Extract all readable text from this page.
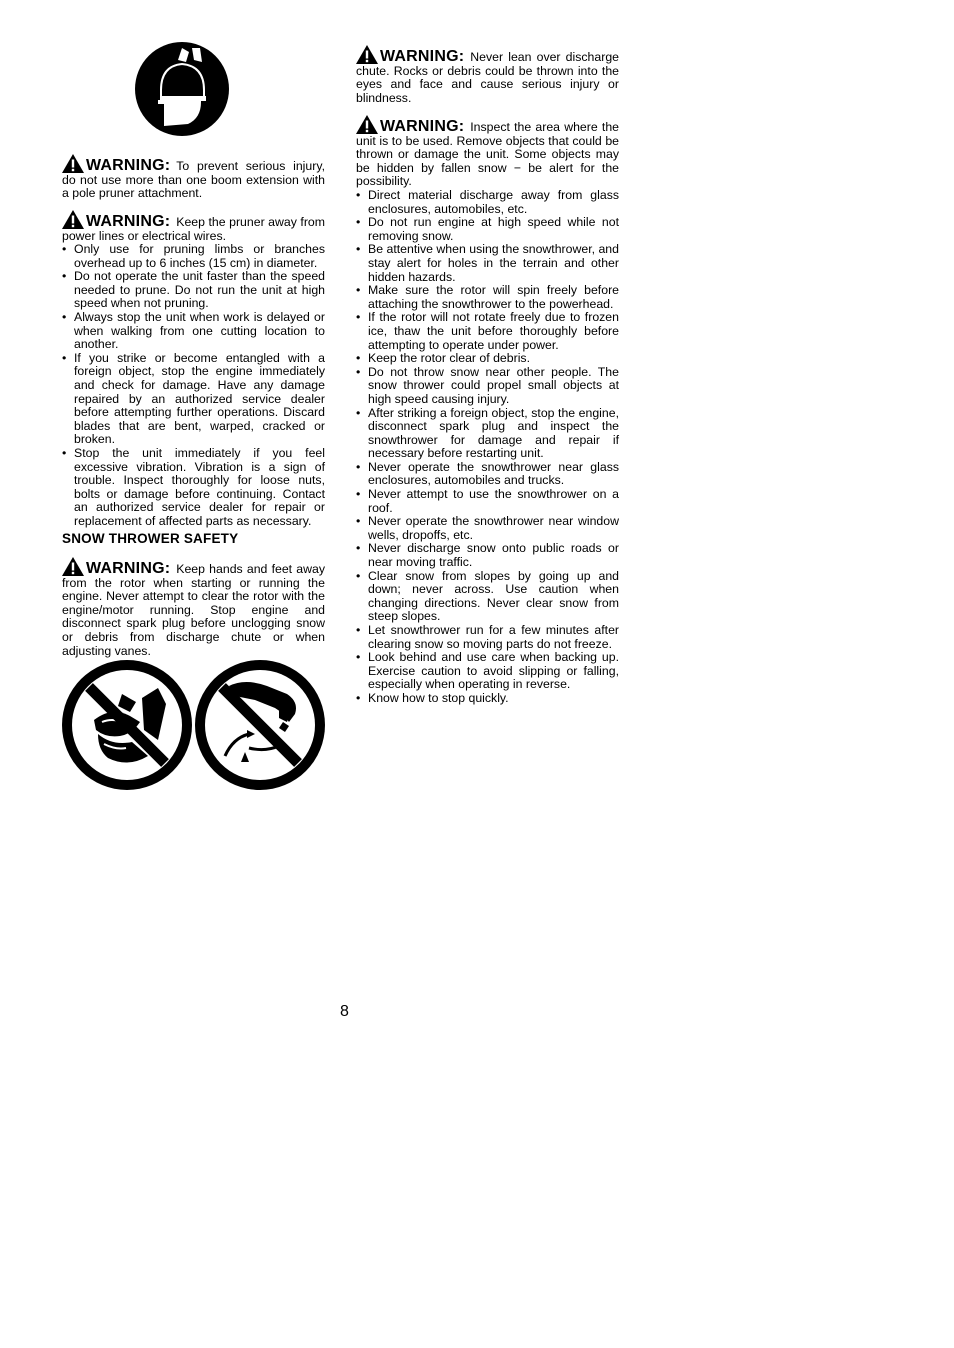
WARNING: To prevent serious injury, do not use more than one boom extension with a pole pruner attachment.

WARNING: Keep the pruner away from power lines or electrical wires.

• Only use for pruning limbs or branches overhead up to 6 inches (15 cm) in diameter.
• Do not operate the unit faster than the speed needed to prune. Do not run the unit at high speed when not pruning.
• Always stop the unit when work is delayed or when walking from one cutting location to another.
• If you strike or become entangled with a foreign object, stop the engine immediately and check for damage. Have any damage repaired by an authorized service dealer before attempting further operations. Discard blades that are bent, warped, cracked or broken.
• Stop the unit immediately if you feel excessive vibration. Vibration is a sign of trouble. Inspect thoroughly for loose nuts, bolts or damage before continuing. Contact an authorized service dealer for repair or replacement of affected parts as necessary.
SNOW THROWER SAFETY

WARNING: Keep hands and feet away from the rotor when starting or running the engine. Never attempt to clear the rotor with the engine/motor running. Stop engine and disconnect spark plug before unclogging snow or debris from discharge chute or when adjusting vanes.

WARNING: Never lean over discharge chute. Rocks or debris could be thrown into the eyes and face and cause serious injury or blindness.

WARNING: Inspect the area where the unit is to be used. Remove objects that could be thrown or damage the unit. Some objects may be hidden by fallen snow − be alert for the possibility.

• Direct material discharge away from glass enclosures, automobiles, etc.
• Do not run engine at high speed while not removing snow.
• Be attentive when using the snowthrower, and stay alert for holes in the terrain and other hidden hazards.
• Make sure the rotor will spin freely before attaching the snowthrower to the powerhead.
• If the rotor will not rotate freely due to frozen ice, thaw the unit before thoroughly before attempting to operate under power.
• Keep the rotor clear of debris.
• Do not throw snow near other people. The snow thrower could propel small objects at high speed causing injury.
• After striking a foreign object, stop the engine, disconnect spark plug and inspect the snowthrower for damage and repair if necessary before restarting unit.
• Never operate the snowthrower near glass enclosures, automobiles and trucks.
• Never attempt to use the snowthrower on a roof.
• Never operate the snowthrower near window wells, dropoffs, etc.
• Never discharge snow onto public roads or near moving traffic.
• Clear snow from slopes by going up and down; never across. Use caution when changing directions. Never clear snow from steep slopes.
• Let snowthrower run for a few minutes after clearing snow so moving parts do not freeze.
• Look behind and use care when backing up. Exercise caution to avoid slipping or falling, especially when operating in reverse.
• Know how to stop quickly.
8
